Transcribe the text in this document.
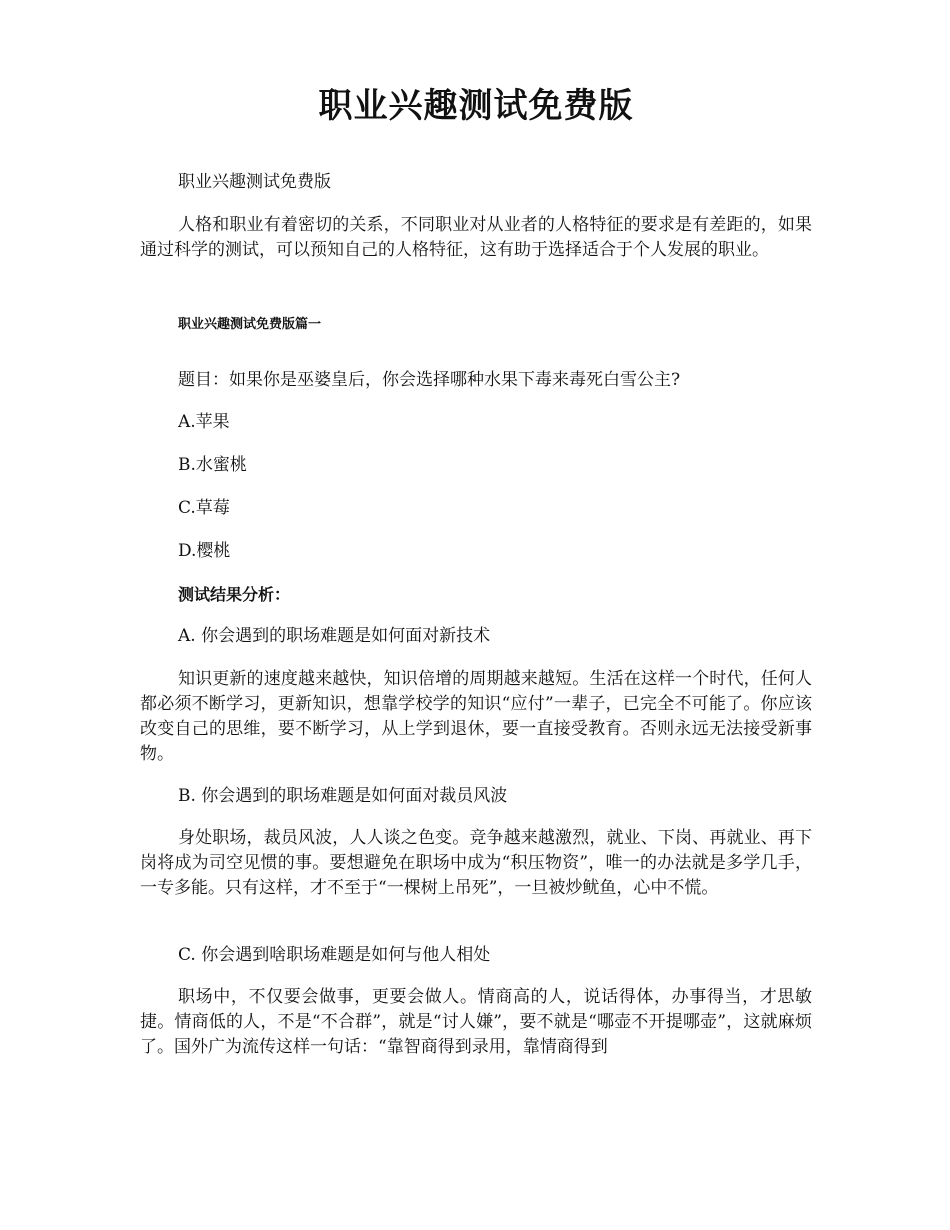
职业兴趣测试免费版

职业兴趣测试免费版

人格和职业有着密切的关系，不同职业对从业者的人格特征的要求是有差距的，如果通过科学的测试，可以预知自己的人格特征，这有助于选择适合于个人发展的职业。

职业兴趣测试免费版篇一

题目：如果你是巫婆皇后，你会选择哪种水果下毒来毒死白雪公主?

A.苹果
B.水蜜桃
C.草莓
D.樱桃
测试结果分析：
A. 你会遇到的职场难题是如何面对新技术

知识更新的速度越来越快，知识倍增的周期越来越短。生活在这样一个时代，任何人都必须不断学习，更新知识，想靠学校学的知识“应付”一辈子，已完全不可能了。你应该改变自己的思维，要不断学习，从上学到退休，要一直接受教育。否则永远无法接受新事物。

B. 你会遇到的职场难题是如何面对裁员风波

身处职场，裁员风波，人人谈之色变。竞争越来越激烈，就业、下岗、再就业、再下岗将成为司空见惯的事。要想避免在职场中成为“积压物资”，唯一的办法就是多学几手，一专多能。只有这样，才不至于“一棵树上吊死”，一旦被炒鱿鱼，心中不慌。

C. 你会遇到啥职场难题是如何与他人相处

职场中，不仅要会做事，更要会做人。情商高的人，说话得体，办事得当，才思敏捷。情商低的人，不是“不合群”，就是“讨人嫌”，要不就是“哪壶不开提哪壶”，这就麻烦了。国外广为流传这样一句话：“靠智商得到录用，靠情商得到
